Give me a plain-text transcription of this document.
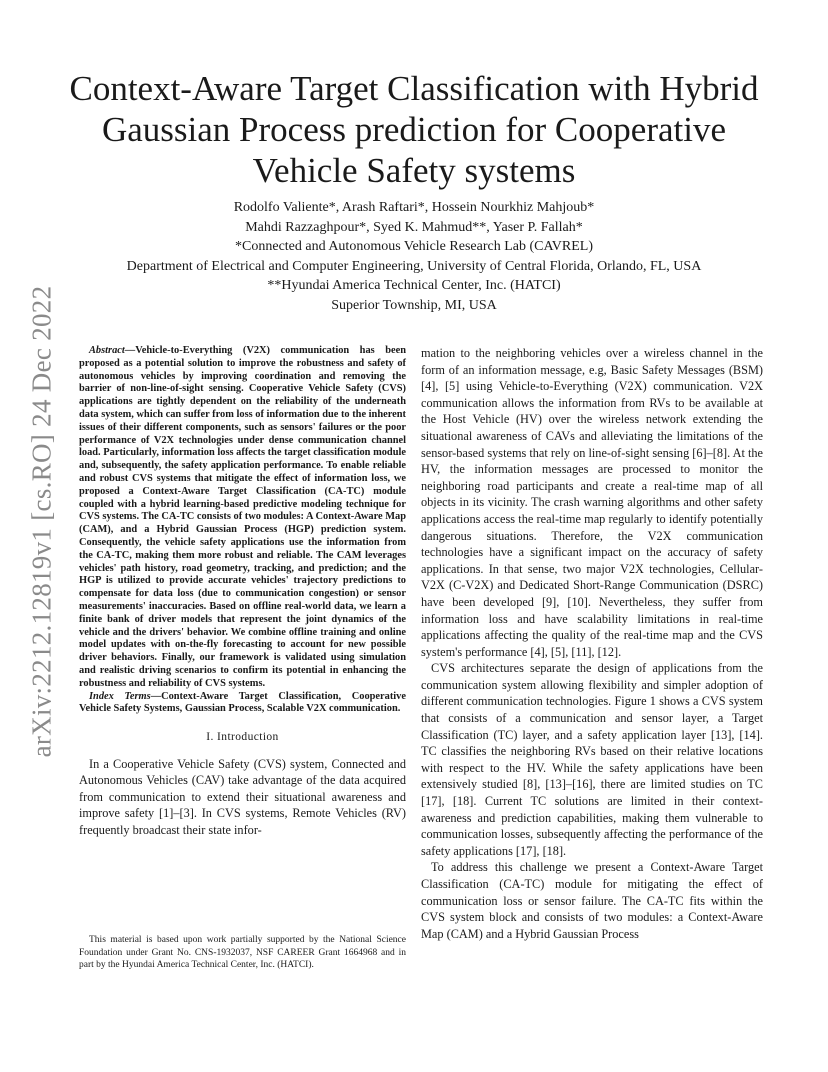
arXiv:2212.12819v1 [cs.RO] 24 Dec 2022
Context-Aware Target Classification with Hybrid Gaussian Process prediction for Cooperative Vehicle Safety systems
Rodolfo Valiente*, Arash Raftari*, Hossein Nourkhiz Mahjoub*
Mahdi Razzaghpour*, Syed K. Mahmud**, Yaser P. Fallah*
*Connected and Autonomous Vehicle Research Lab (CAVREL)
Department of Electrical and Computer Engineering, University of Central Florida, Orlando, FL, USA
**Hyundai America Technical Center, Inc. (HATCI)
Superior Township, MI, USA

Abstract—Vehicle-to-Everything (V2X) communication has been proposed as a potential solution to improve the robustness and safety of autonomous vehicles by improving coordination and removing the barrier of non-line-of-sight sensing. Cooperative Vehicle Safety (CVS) applications are tightly dependent on the reliability of the underneath data system, which can suffer from loss of information due to the inherent issues of their different components, such as sensors' failures or the poor performance of V2X technologies under dense communication channel load. Particularly, information loss affects the target classification module and, subsequently, the safety application performance. To enable reliable and robust CVS systems that mitigate the effect of information loss, we proposed a Context-Aware Target Classification (CA-TC) module coupled with a hybrid learning-based predictive modeling technique for CVS systems. The CA-TC consists of two modules: A Context-Aware Map (CAM), and a Hybrid Gaussian Process (HGP) prediction system. Consequently, the vehicle safety applications use the information from the CA-TC, making them more robust and reliable. The CAM leverages vehicles' path history, road geometry, tracking, and prediction; and the HGP is utilized to provide accurate vehicles' trajectory predictions to compensate for data loss (due to communication congestion) or sensor measurements' inaccuracies. Based on offline real-world data, we learn a finite bank of driver models that represent the joint dynamics of the vehicle and the drivers' behavior. We combine offline training and online model updates with on-the-fly forecasting to account for new possible driver behaviors. Finally, our framework is validated using simulation and realistic driving scenarios to confirm its potential in enhancing the robustness and reliability of CVS systems.

Index Terms—Context-Aware Target Classification, Cooperative Vehicle Safety Systems, Gaussian Process, Scalable V2X communication.

I. Introduction

In a Cooperative Vehicle Safety (CVS) system, Connected and Autonomous Vehicles (CAV) take advantage of the data acquired from communication to extend their situational awareness and improve safety [1]–[3]. In CVS systems, Remote Vehicles (RV) frequently broadcast their state infor-

This material is based upon work partially supported by the National Science Foundation under Grant No. CNS-1932037, NSF CAREER Grant 1664968 and in part by the Hyundai America Technical Center, Inc. (HATCI).

mation to the neighboring vehicles over a wireless channel in the form of an information message, e.g, Basic Safety Messages (BSM) [4], [5] using Vehicle-to-Everything (V2X) communication. V2X communication allows the information from RVs to be available at the Host Vehicle (HV) over the wireless network extending the situational awareness of CAVs and alleviating the limitations of the sensor-based systems that rely on line-of-sight sensing [6]–[8]. At the HV, the information messages are processed to monitor the neighboring road participants and create a real-time map of all objects in its vicinity. The crash warning algorithms and other safety applications access the real-time map regularly to identify potentially dangerous situations. Therefore, the V2X communication technologies have a significant impact on the accuracy of safety applications. In that sense, two major V2X technologies, Cellular-V2X (C-V2X) and Dedicated Short-Range Communication (DSRC) have been developed [9], [10]. Nevertheless, they suffer from information loss and have scalability limitations in real-time applications affecting the quality of the real-time map and the CVS system's performance [4], [5], [11], [12].

CVS architectures separate the design of applications from the communication system allowing flexibility and simpler adoption of different communication technologies. Figure 1 shows a CVS system that consists of a communication and sensor layer, a Target Classification (TC) layer, and a safety application layer [13], [14]. TC classifies the neighboring RVs based on their relative locations with respect to the HV. While the safety applications have been extensively studied [8], [13]–[16], there are limited studies on TC [17], [18]. Current TC solutions are limited in their context-awareness and prediction capabilities, making them vulnerable to communication losses, subsequently affecting the performance of the safety applications [17], [18].

To address this challenge we present a Context-Aware Target Classification (CA-TC) module for mitigating the effect of communication loss or sensor failure. The CA-TC fits within the CVS system block and consists of two modules: a Context-Aware Map (CAM) and a Hybrid Gaussian Process
